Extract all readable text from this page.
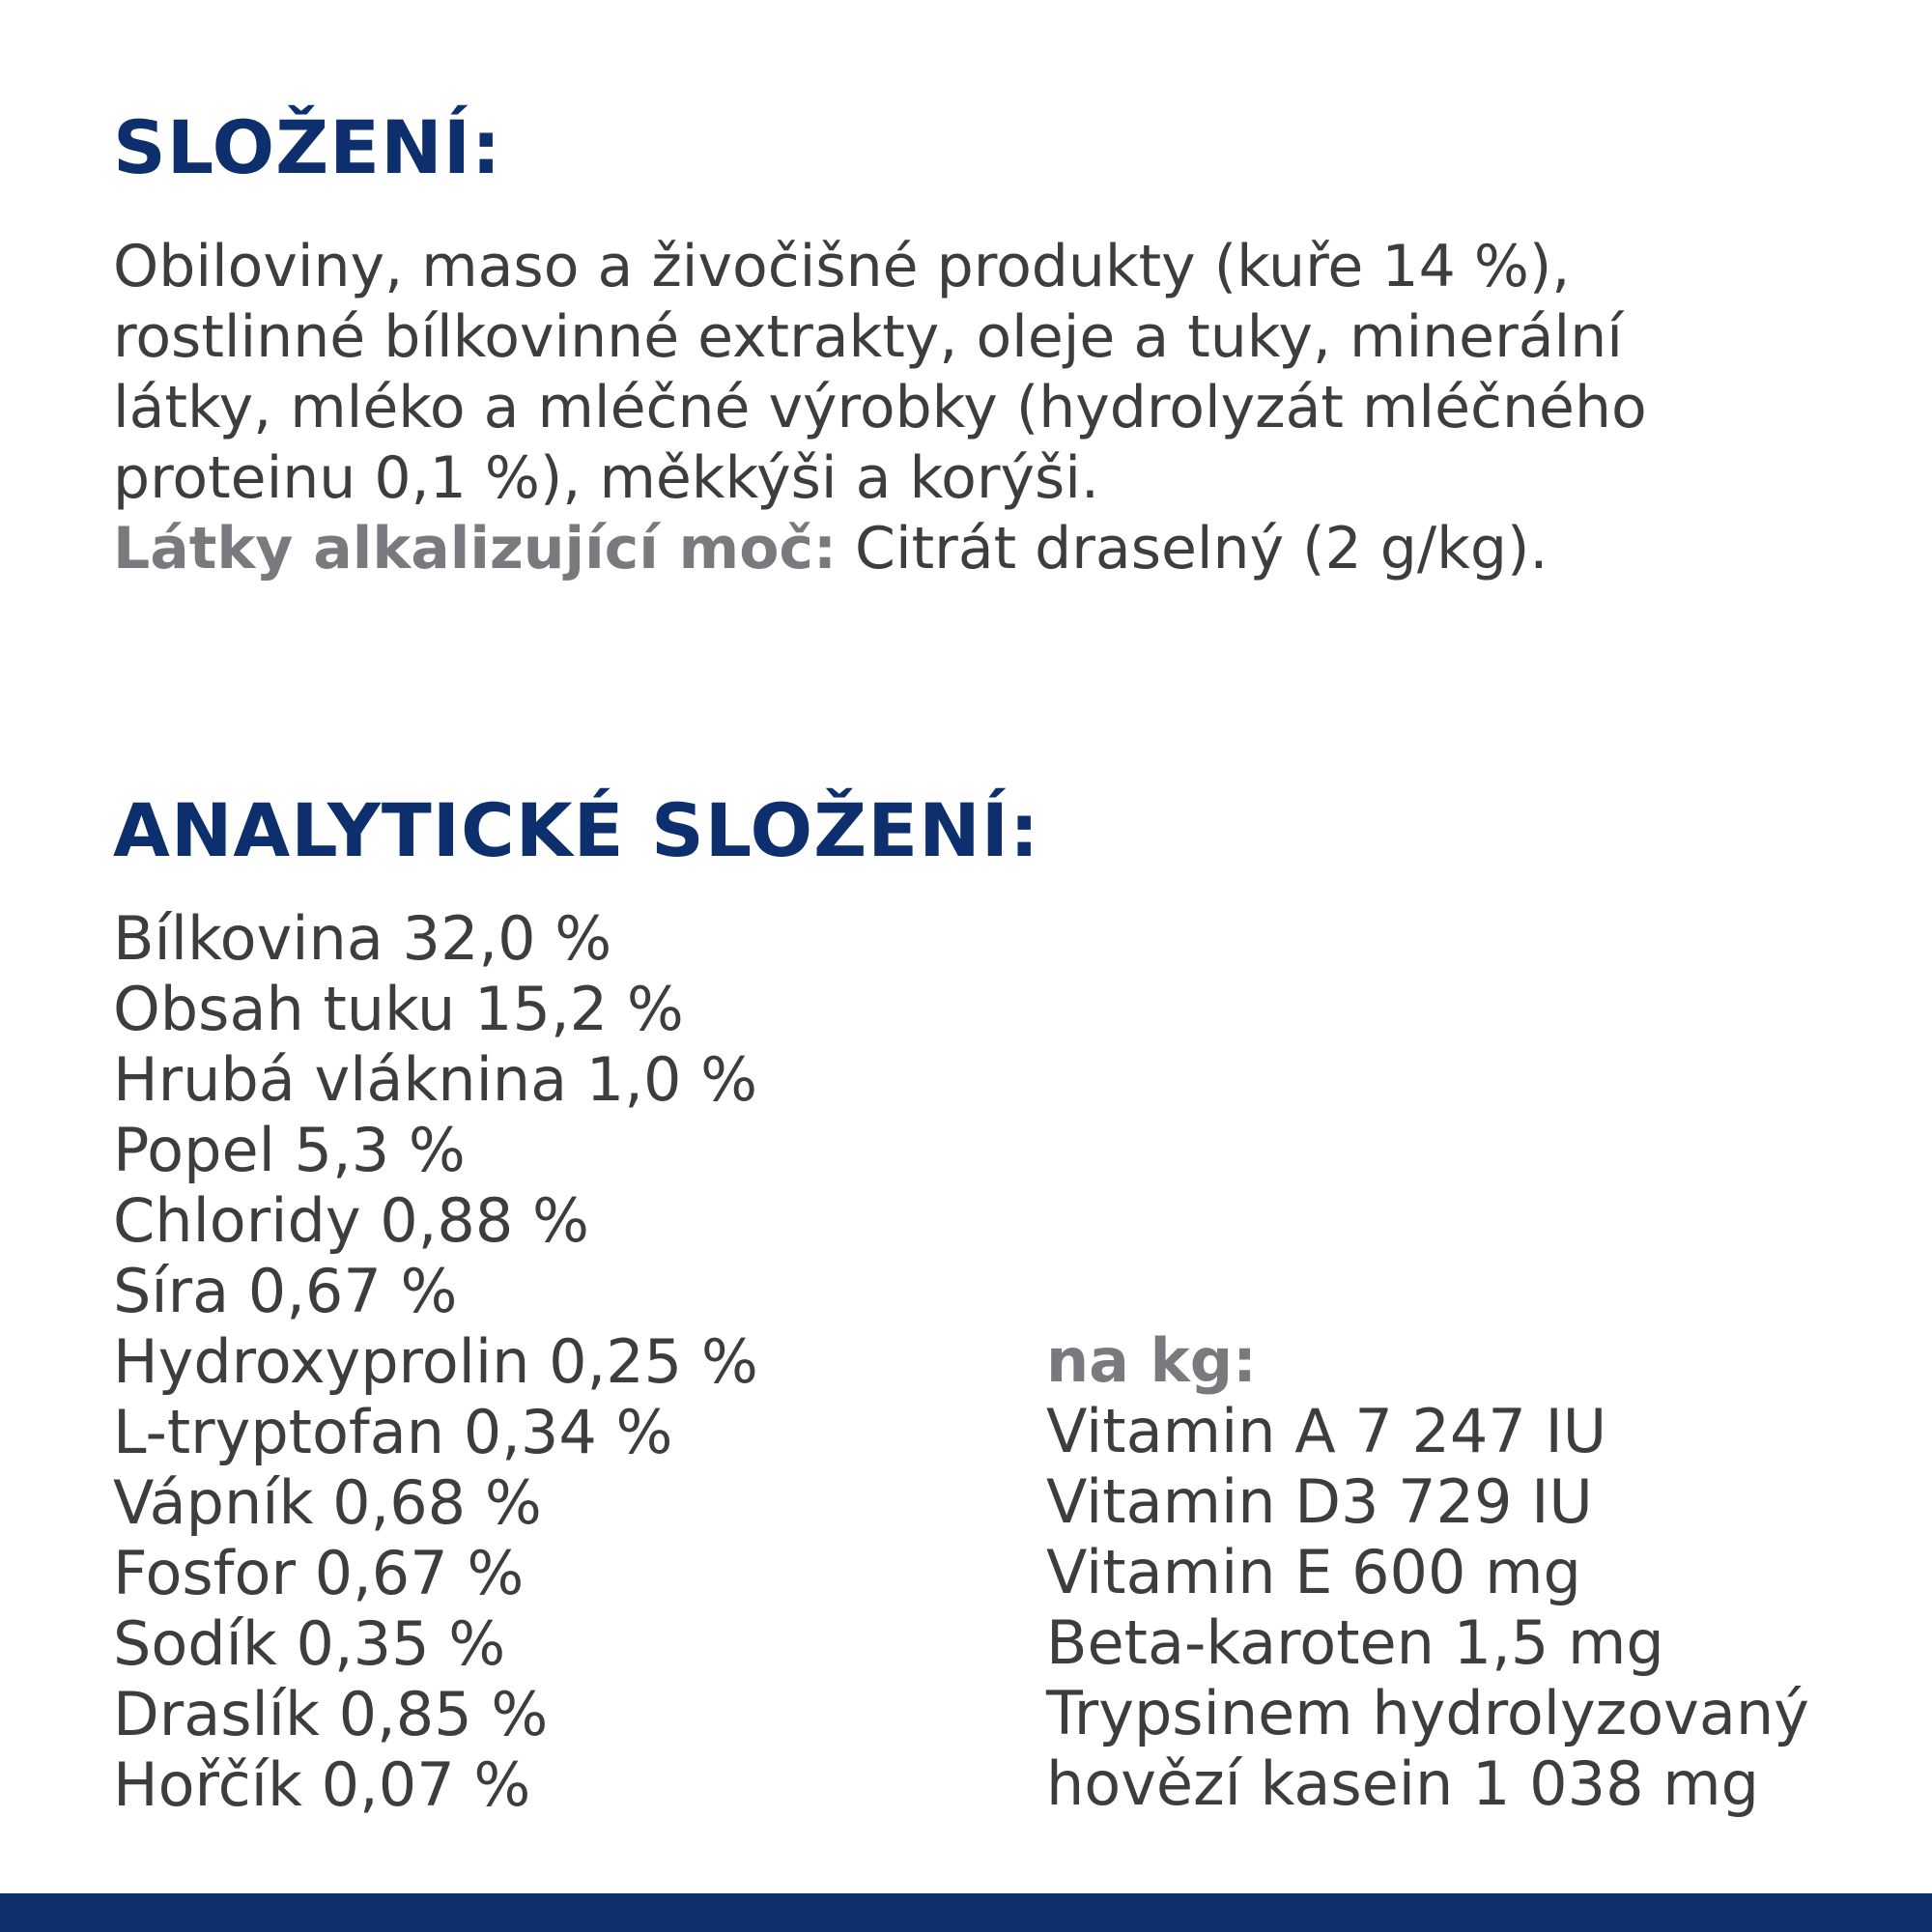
SLOŽENÍ:

Obiloviny, maso a živočišné produkty (kuře 14 %),

rostlinné bílkovinné extrakty, oleje a tuky, minerální

látky, mléko a mléčné výrobky (hydrolyzát mléčného

proteinu 0,1 %), měkkýši a korýši.

Látky alkalizující moč: Citrát draselný (2 g/kg).

ANALYTICKÉ SLOŽENÍ:
Bílkovina 32,0 %
Obsah tuku 15,2 %
Hrubá vláknina 1,0 %
Popel 5,3 %
Chloridy 0,88 %
Síra 0,67 %
Hydroxyprolin 0,25 %
L-tryptofan 0,34 %
Vápník 0,68 %
Fosfor 0,67 %
Sodík 0,35 %
Draslík 0,85 %
Hořčík 0,07 %
na kg:
Vitamin A 7 247 IU
Vitamin D3 729 IU
Vitamin E 600 mg
Beta-karoten 1,5 mg
Trypsinem hydrolyzovaný
hovězí kasein 1 038 mg
